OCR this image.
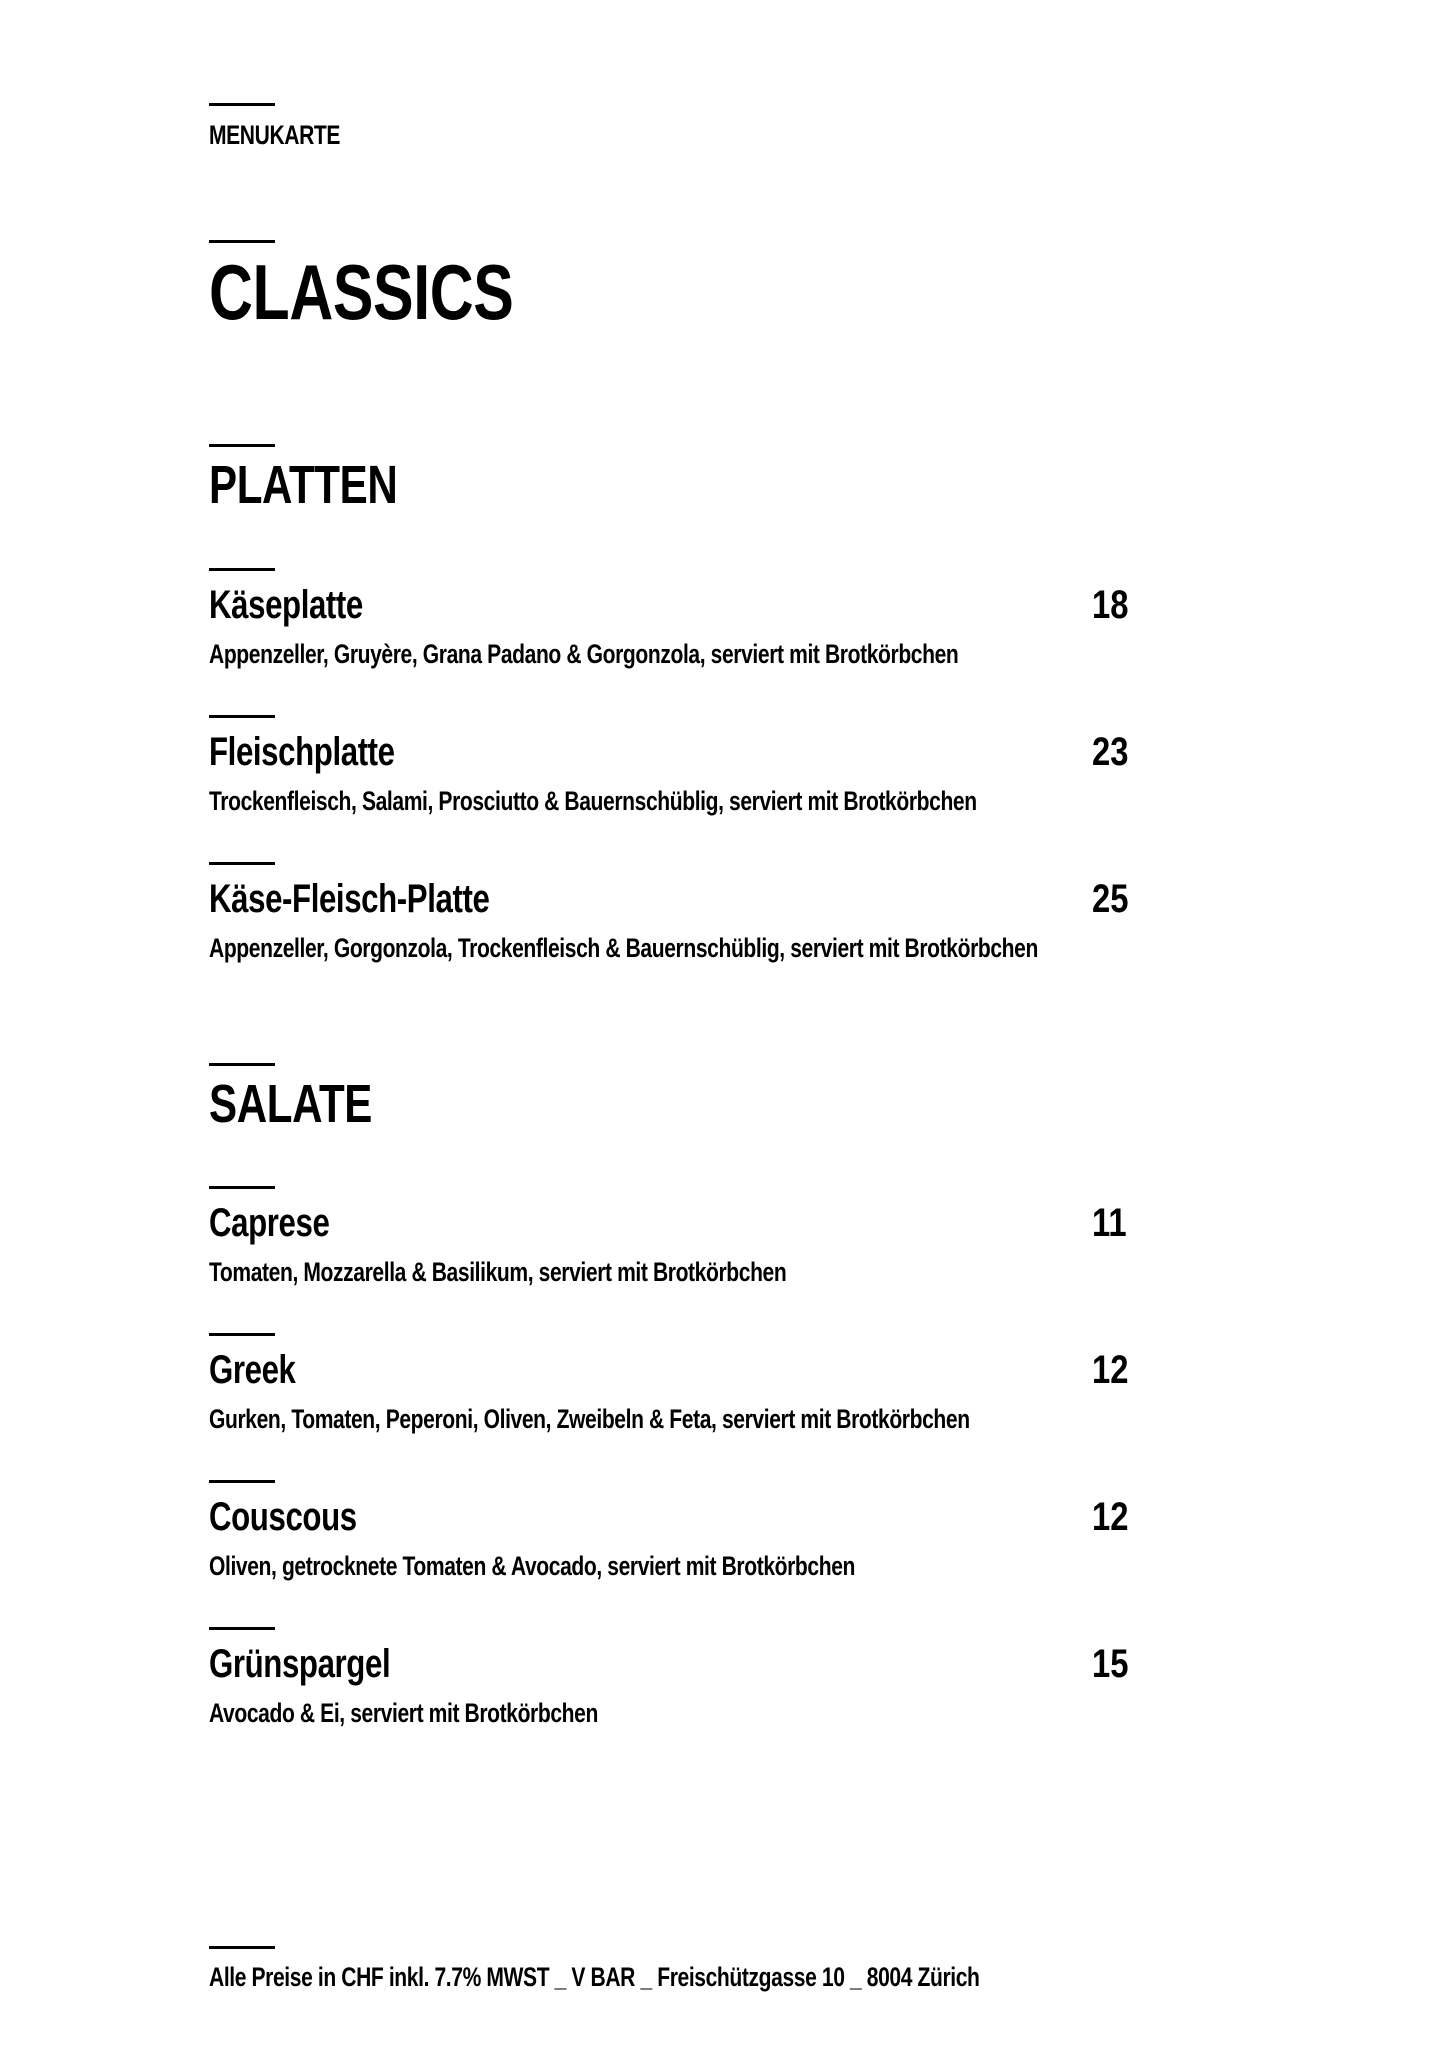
MENUKARTE
CLASSICS
PLATTEN
Käseplatte	18
Appenzeller, Gruyère, Grana Padano & Gorgonzola, serviert mit Brotkörbchen
Fleischplatte	23
Trockenfleisch, Salami, Prosciutto & Bauernschüblig, serviert mit Brotkörbchen
Käse-Fleisch-Platte	25
Appenzeller, Gorgonzola, Trockenfleisch & Bauernschüblig, serviert mit Brotkörbchen
SALATE
Caprese	11
Tomaten, Mozzarella & Basilikum, serviert mit Brotkörbchen
Greek	12
Gurken, Tomaten, Peperoni, Oliven, Zweibeln & Feta, serviert mit Brotkörbchen
Couscous	12
Oliven, getrocknete Tomaten & Avocado, serviert mit Brotkörbchen
Grünspargel	15
Avocado & Ei, serviert mit Brotkörbchen
Alle Preise in CHF inkl. 7.7% MWST _ V BAR _ Freischützgasse 10 _ 8004 Zürich
